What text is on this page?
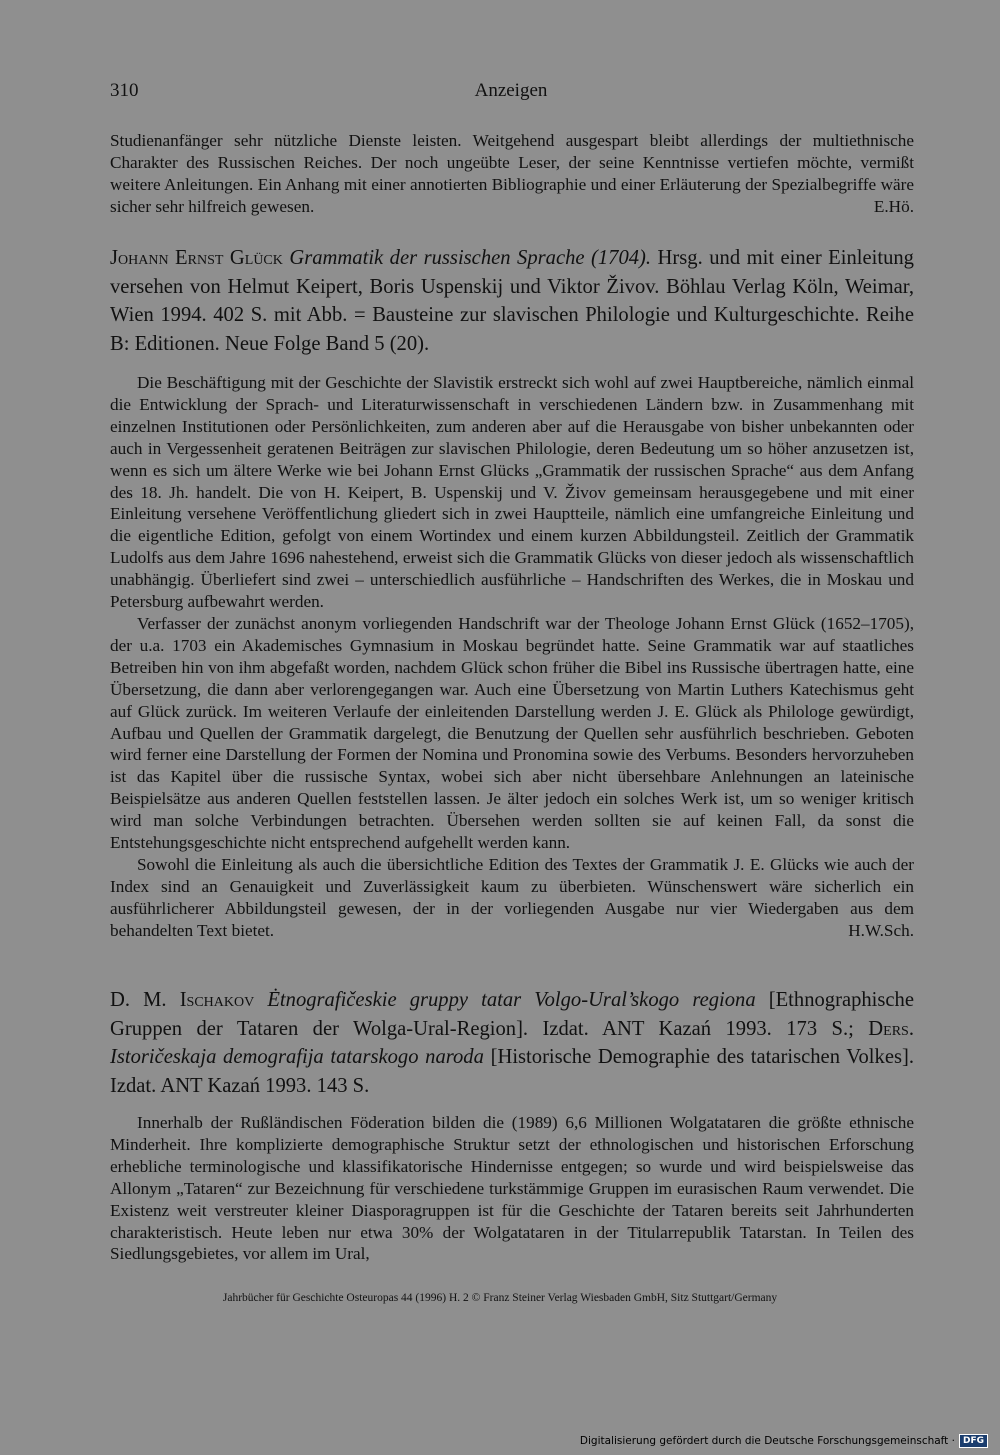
310	Anzeigen

Studienanfänger sehr nützliche Dienste leisten. Weitgehend ausgespart bleibt allerdings der multiethnische Charakter des Russischen Reiches. Der noch ungeübte Leser, der seine Kenntnisse vertiefen möchte, vermißt weitere Anleitungen. Ein Anhang mit einer annotierten Bibliographie und einer Erläuterung der Spezialbegriffe wäre sicher sehr hilfreich gewesen.	E.Hö.
Johann Ernst Glück Grammatik der russischen Sprache (1704). Hrsg. und mit einer Einleitung versehen von Helmut Keipert, Boris Uspenskij und Viktor Živov. Böhlau Verlag Köln, Weimar, Wien 1994. 402 S. mit Abb. = Bausteine zur slavischen Philologie und Kulturgeschichte. Reihe B: Editionen. Neue Folge Band 5 (20).

Die Beschäftigung mit der Geschichte der Slavistik erstreckt sich wohl auf zwei Hauptbereiche, nämlich einmal die Entwicklung der Sprach- und Literaturwissenschaft in verschiedenen Ländern bzw. in Zusammenhang mit einzelnen Institutionen oder Persönlichkeiten, zum anderen aber auf die Herausgabe von bisher unbekannten oder auch in Vergessenheit geratenen Beiträgen zur slavischen Philologie, deren Bedeutung um so höher anzusetzen ist, wenn es sich um ältere Werke wie bei Johann Ernst Glücks „Grammatik der russischen Sprache“ aus dem Anfang des 18. Jh. handelt. Die von H. Keipert, B. Uspenskij und V. Živov gemeinsam herausgegebene und mit einer Einleitung versehene Veröffentlichung gliedert sich in zwei Hauptteile, nämlich eine umfangreiche Einleitung und die eigentliche Edition, gefolgt von einem Wortindex und einem kurzen Abbildungsteil. Zeitlich der Grammatik Ludolfs aus dem Jahre 1696 nahestehend, erweist sich die Grammatik Glücks von dieser jedoch als wissenschaftlich unabhängig. Überliefert sind zwei – unterschiedlich ausführliche – Handschriften des Werkes, die in Moskau und Petersburg aufbewahrt werden.

Verfasser der zunächst anonym vorliegenden Handschrift war der Theologe Johann Ernst Glück (1652–1705), der u.a. 1703 ein Akademisches Gymnasium in Moskau begründet hatte. Seine Grammatik war auf staatliches Betreiben hin von ihm abgefaßt worden, nachdem Glück schon früher die Bibel ins Russische übertragen hatte, eine Übersetzung, die dann aber verlorengegangen war. Auch eine Übersetzung von Martin Luthers Katechismus geht auf Glück zurück. Im weiteren Verlaufe der einleitenden Darstellung werden J. E. Glück als Philologe gewürdigt, Aufbau und Quellen der Grammatik dargelegt, die Benutzung der Quellen sehr ausführlich beschrieben. Geboten wird ferner eine Darstellung der Formen der Nomina und Pronomina sowie des Verbums. Besonders hervorzuheben ist das Kapitel über die russische Syntax, wobei sich aber nicht übersehbare Anlehnungen an lateinische Beispielsätze aus anderen Quellen feststellen lassen. Je älter jedoch ein solches Werk ist, um so weniger kritisch wird man solche Verbindungen betrachten. Übersehen werden sollten sie auf keinen Fall, da sonst die Entstehungsgeschichte nicht entsprechend aufgehellt werden kann.

Sowohl die Einleitung als auch die übersichtliche Edition des Textes der Grammatik J. E. Glücks wie auch der Index sind an Genauigkeit und Zuverlässigkeit kaum zu überbieten. Wünschenswert wäre sicherlich ein ausführlicherer Abbildungsteil gewesen, der in der vorliegenden Ausgabe nur vier Wiedergaben aus dem behandelten Text bietet.	H.W.Sch.
D. M. Ischakov Ėtnografičeskie gruppy tatar Volgo-Ural’skogo regiona [Ethnographische Gruppen der Tataren der Wolga-Ural-Region]. Izdat. ANT Kazań 1993. 173 S.; Ders. Istoričeskaja demografija tatarskogo naroda [Historische Demographie des tatarischen Volkes]. Izdat. ANT Kazań 1993. 143 S.

Innerhalb der Rußländischen Föderation bilden die (1989) 6,6 Millionen Wolgatataren die größte ethnische Minderheit. Ihre komplizierte demographische Struktur setzt der ethnologischen und historischen Erforschung erhebliche terminologische und klassifikatorische Hindernisse entgegen; so wurde und wird beispielsweise das Allonym „Tataren“ zur Bezeichnung für verschiedene turkstämmige Gruppen im eurasischen Raum verwendet. Die Existenz weit verstreuter kleiner Diasporagruppen ist für die Geschichte der Tataren bereits seit Jahrhunderten charakteristisch. Heute leben nur etwa 30% der Wolgatataren in der Titularrepublik Tatarstan. In Teilen des Siedlungsgebietes, vor allem im Ural,

Jahrbücher für Geschichte Osteuropas 44 (1996) H. 2 © Franz Steiner Verlag Wiesbaden GmbH, Sitz Stuttgart/Germany
Digitalisierung gefördert durch die Deutsche Forschungsgemeinschaft · DFG
